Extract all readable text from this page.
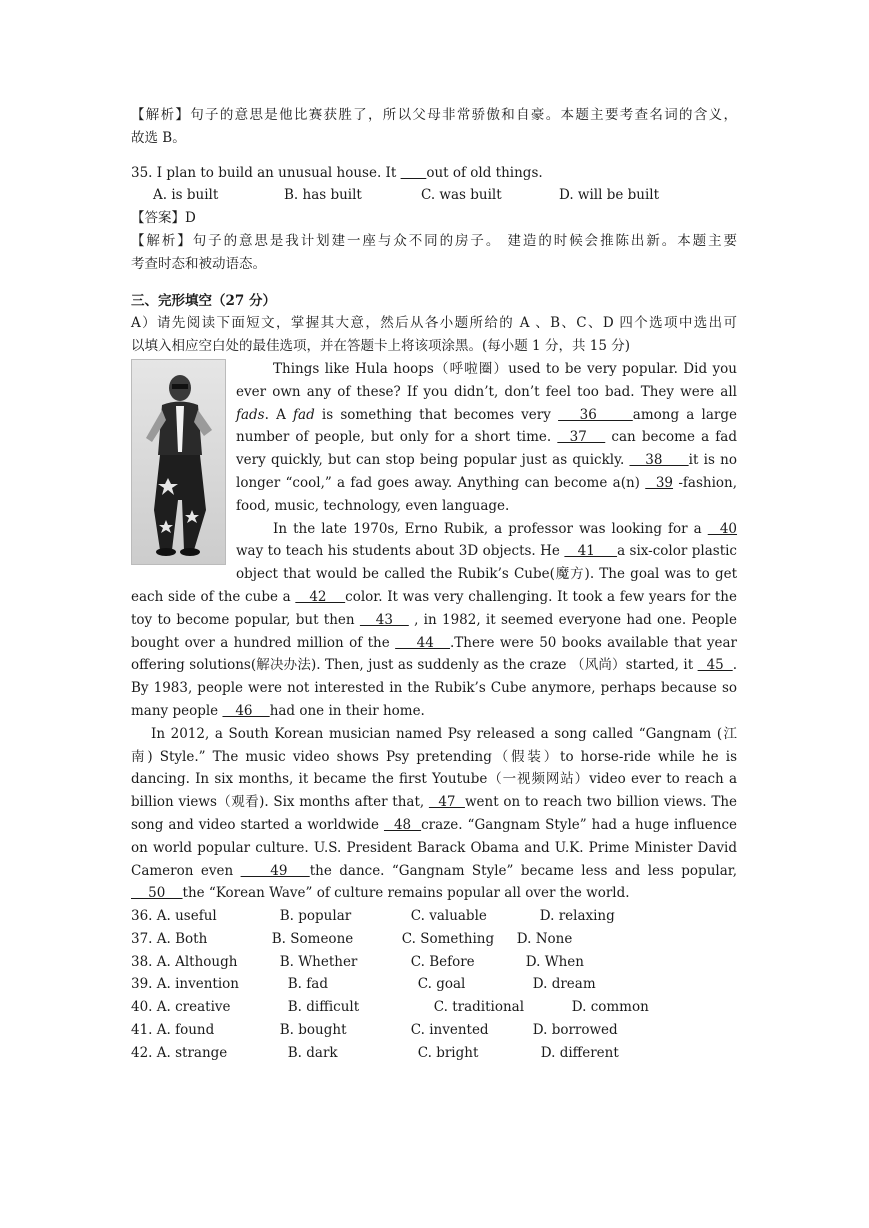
【解析】句子的意思是他比赛获胜了，所以父母非常骄傲和自豪。本题主要考查名词的含义，
故选 B。
35. I plan to build an unusual house. It       out of old things.
A. is built	B. has built	C. was built	D. will be built
【答案】D
【解析】句子的意思是我计划建一座与众不同的房子。 建造的时候会推陈出新。本题主要
考查时态和被动语态。
三、完形填空（27 分）
A）请先阅读下面短文，掌握其大意，然后从各小题所给的 A 、B、C、D 四个选项中选出可
以填入相应空白处的最佳选项，并在答题卡上将该项涂黑。(每小题 1 分，共 15 分)
Things like Hula hoops（呼啦圈）used to be very popular. Did you ever own any of these? If you didn’t, don’t feel too bad. They were all fads. A fad is something that becomes very    36     among a large number of people, but only for a short time.   37    can become a fad very quickly, but can stop being popular just as quickly.    38     it is no longer “cool,” a fad goes away. Anything can become a(n)   39 -fashion, food, music, technology, even language.
In the late 1970s, Erno Rubik, a professor was looking for a   40 way to teach his students about 3D objects. He    41     a six-color plastic object that would be called the Rubik’s Cube(魔方). The goal was to get each side of the cube a    42    color. It was very challenging. It took a few years for the toy to become popular, but then    43    , in 1982, it seemed everyone had one. People bought over a hundred million of the     44   .There were 50 books available that year offering solutions(解决办法). Then, just as suddenly as the craze （风尚）started, it   45  . By 1983, people were not interested in the Rubik’s Cube anymore, perhaps because so many people    46    had one in their home.
In 2012, a South Korean musician named Psy released a song called “Gangnam (江南) Style.” The music video shows Psy pretending（假装）to horse-ride while he is dancing. In six months, it became the first Youtube（一视频网站）video ever to reach a billion views（观看). Six months after that,   47  went on to reach two billion views. The song and video started a worldwide   48  craze. “Gangnam Style” had a huge influence on world popular culture. U.S. President Barack Obama and U.K. Prime Minister David Cameron even     49   the dance. “Gangnam Style” became less and less popular,     50    the “Korean Wave” of culture remains popular all over the world.
36. A. useful	B. popular	C. valuable	D. relaxing
37. A. Both	B. Someone	C. Something D. None
38. A. Although	B. Whether	C. Before	D. When
39. A. invention	B. fad	C. goal	D. dream
40. A. creative	B. difficult	C. traditional	D. common
41. A. found	B. bought	C. invented	D. borrowed
42. A. strange	B. dark	C. bright	D. different
